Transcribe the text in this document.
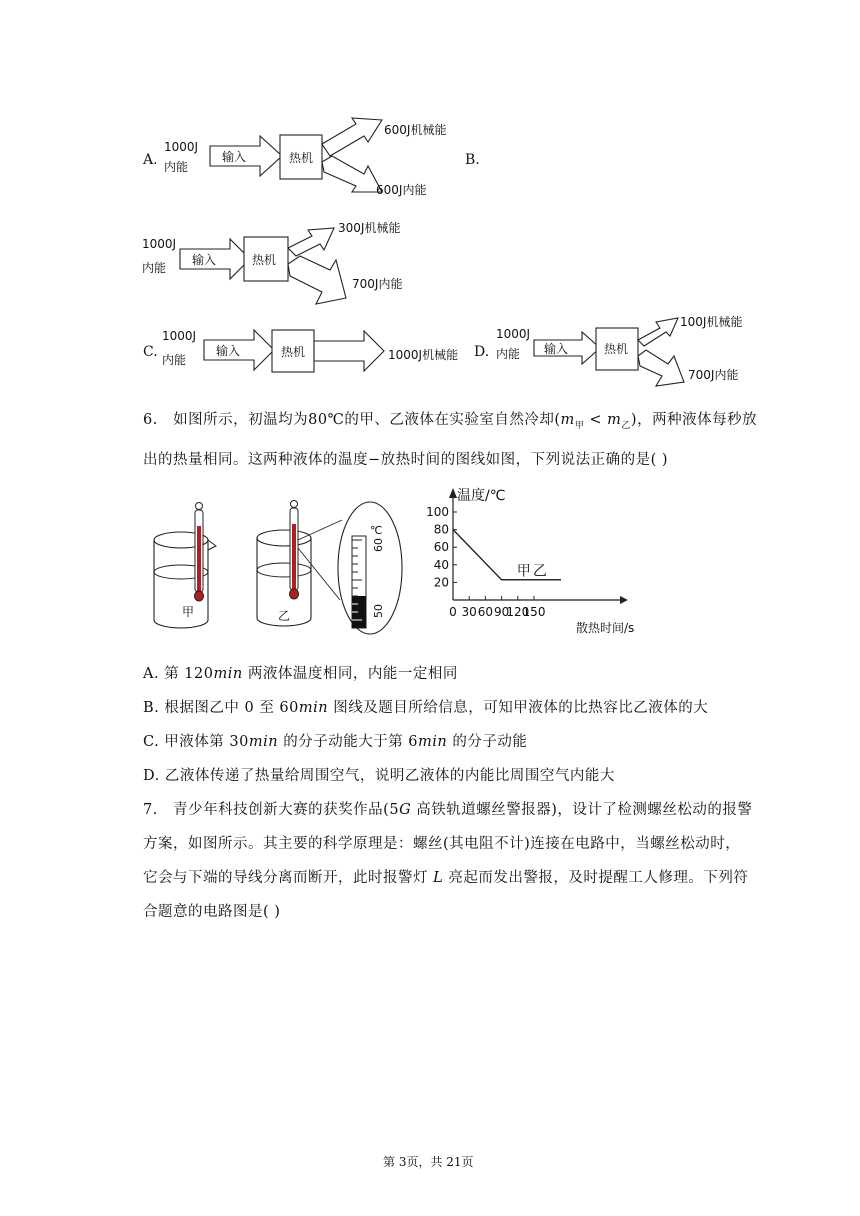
A.
1000J
内能
输入	热机
600J机械能
600J内能
B.
1000J
内能
输入	热机
300J机械能
700J内能
C.
1000J
内能
输入	热机	1000J机械能 D.
1000J
内能 输入	热机
100J机械能
700J内能
6. 如图所示，初温均为80℃的甲、乙液体在实验室自然冷却$(m_甲 < m_乙)$，两种液体每秒放
出的热量相同。这两种液体的温度−放热时间的图线如图，下列说法正确的是( )
甲	乙
℃
60
50
20
40
60
80
100
0 30 60 90
120
150
温度/℃
散热时间/s
甲 乙
A. 第 120min 两液体温度相同，内能一定相同
B. 根据图乙中 0 至 60min 图线及题目所给信息，可知甲液体的比热容比乙液体的大
C. 甲液体第 30min 的分子动能大于第 6min 的分子动能
D. 乙液体传递了热量给周围空气，说明乙液体的内能比周围空气内能大
7. 青少年科技创新大赛的获奖作品(5G 高铁轨道螺丝警报器)，设计了检测螺丝松动的报警
方案，如图所示。其主要的科学原理是：螺丝(其电阻不计)连接在电路中，当螺丝松动时，
它会与下端的导线分离而断开，此时报警灯 L 亮起而发出警报，及时提醒工人修理。下列符
合题意的电路图是( )
第 3页，共 21页
